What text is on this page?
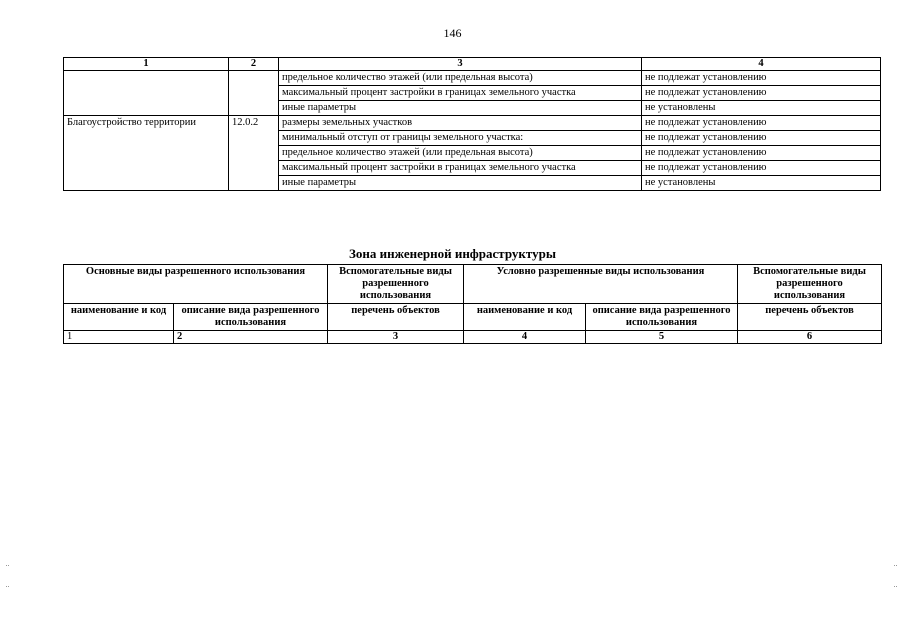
146
1	2	3	4
		предельное количество этажей (или предельная высота)	не подлежат установлению
		максимальный процент застройки в границах земельного участка	не подлежат установлению
		иные параметры	не установлены
Благоустройство территории	12.0.2	размеры земельных участков	не подлежат установлению
		минимальный отступ от границы земельного участка:	не подлежат установлению
		предельное количество этажей (или предельная высота)	не подлежат установлению
		максимальный процент застройки в границах земельного участка	не подлежат установлению
		иные параметры	не установлены
Зона инженерной инфраструктуры
Основные виды разрешенного использования		Вспомогательные виды разрешенного использования	Условно разрешенные виды использования		Вспомогательные виды разрешенного использования
наименование и код	описание вида разрешенного использования	перечень объектов	наименование и код	описание вида разрешенного использования	перечень объектов
1	2	3	4	5	6
